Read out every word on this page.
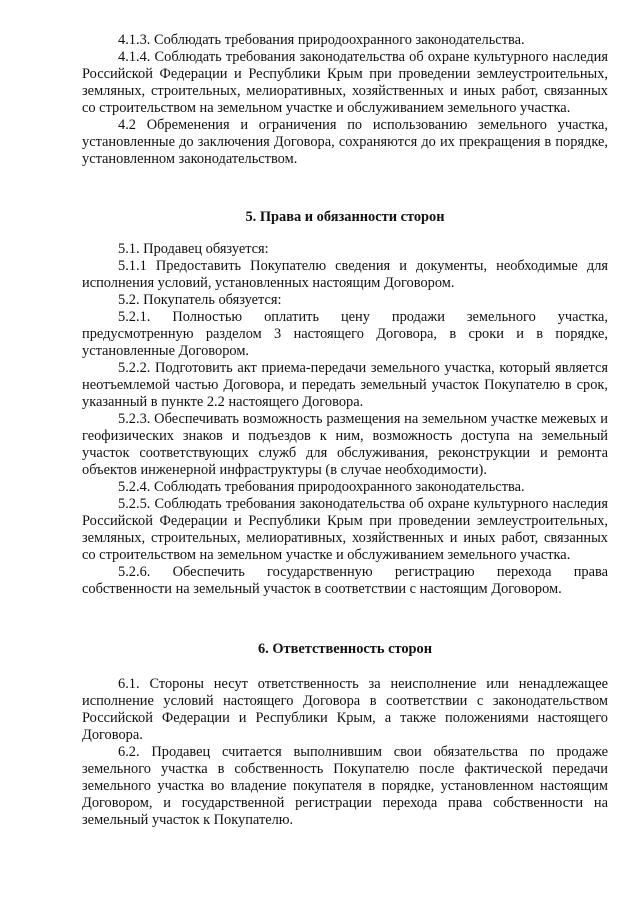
4.1.3. Соблюдать требования природоохранного законодательства.

4.1.4. Соблюдать требования законодательства об охране культурного наследия Российской Федерации и Республики Крым при проведении землеустроительных, земляных, строительных, мелиоративных, хозяйственных и иных работ, связанных со строительством на земельном участке и обслуживанием земельного участка.

4.2 Обременения и ограничения по использованию земельного участка, установленные до заключения Договора, сохраняются до их прекращения в порядке, установленном законодательством.

5. Права и обязанности сторон

5.1. Продавец обязуется:

5.1.1 Предоставить Покупателю сведения и документы, необходимые для исполнения условий, установленных настоящим Договором.

5.2. Покупатель обязуется:

5.2.1. Полностью оплатить цену продажи земельного участка, предусмотренную разделом 3 настоящего Договора, в сроки и в порядке, установленные Договором.

5.2.2. Подготовить акт приема-передачи земельного участка, который является неотъемлемой частью Договора, и передать земельный участок Покупателю в срок, указанный в пункте 2.2 настоящего Договора.

5.2.3. Обеспечивать возможность размещения на земельном участке межевых и геофизических знаков и подъездов к ним, возможность доступа на земельный участок соответствующих служб для обслуживания, реконструкции и ремонта объектов инженерной инфраструктуры (в случае необходимости).

5.2.4. Соблюдать требования природоохранного законодательства.

5.2.5. Соблюдать требования законодательства об охране культурного наследия Российской Федерации и Республики Крым при проведении землеустроительных, земляных, строительных, мелиоративных, хозяйственных и иных работ, связанных со строительством на земельном участке и обслуживанием земельного участка.

5.2.6. Обеспечить государственную регистрацию перехода права собственности на земельный участок в соответствии с настоящим Договором.

6. Ответственность сторон

6.1. Стороны несут ответственность за неисполнение или ненадлежащее исполнение условий настоящего Договора в соответствии с законодательством Российской Федерации и Республики Крым, а также положениями настоящего Договора.

6.2. Продавец считается выполнившим свои обязательства по продаже земельного участка в собственность Покупателю после фактической передачи земельного участка во владение покупателя в порядке, установленном настоящим Договором, и государственной регистрации перехода права собственности на земельный участок к Покупателю.
